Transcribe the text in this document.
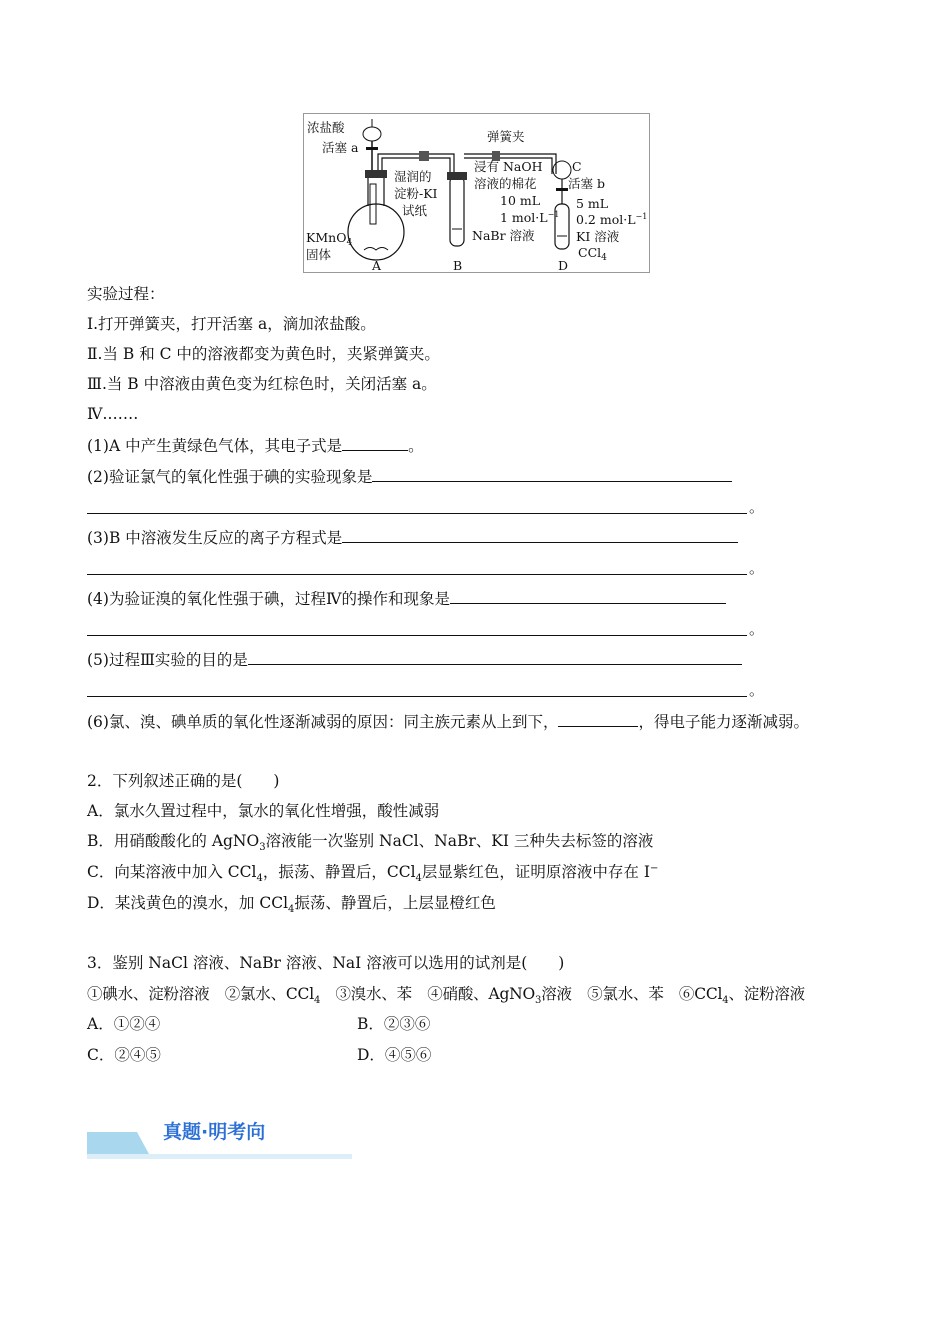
浓盐酸
活塞 a
弹簧夹
湿润的
淀粉-KI
试纸
KMnO$_4$
固体
浸有 NaOH
溶液的棉花
C
活塞 b
10 mL
1 $mol\cdot L^{-1}$
NaBr 溶液
5 mL
0.2 $mol\cdot L^{-1}$
KI 溶液
CCl$_4$
A	B	D
实验过程：
Ⅰ.打开弹簧夹，打开活塞 a，滴加浓盐酸。
Ⅱ.当 B 和 C 中的溶液都变为黄色时，夹紧弹簧夹。
Ⅲ.当 B 中溶液由黄色变为红棕色时，关闭活塞 a。
Ⅳ.……
(1)A 中产生黄绿色气体，其电子式是	。
(2)验证氯气的氧化性强于碘的实验现象是
。
(3)B 中溶液发生反应的离子方程式是
。
(4)为验证溴的氧化性强于碘，过程Ⅳ的操作和现象是
。
(5)过程Ⅲ实验的目的是
。
(6)氯、溴、碘单质的氧化性逐渐减弱的原因：同主族元素从上到下，	，得电子能力逐渐减弱。
2．下列叙述正确的是(　　)
A．氯水久置过程中，氯水的氧化性增强，酸性减弱
B．用硝酸酸化的 AgNO$_3$溶液能一次鉴别 NaCl、NaBr、KI 三种失去标签的溶液
C．向某溶液中加入 CCl$_4$，振荡、静置后，CCl$_4$层显紫红色，证明原溶液中存在 I−
D．某浅黄色的溴水，加 CCl$_4$振荡、静置后，上层显橙红色
3．鉴别 NaCl 溶液、NaBr 溶液、NaI 溶液可以选用的试剂是(　　)
①碘水、淀粉溶液　②氯水、CCl$_4$　③溴水、苯　④硝酸、AgNO$_3$溶液　⑤氯水、苯　⑥CCl$_4$、淀粉溶液
A．①②④	B．②③⑥
C．②④⑤	D．④⑤⑥
真题·明考向
